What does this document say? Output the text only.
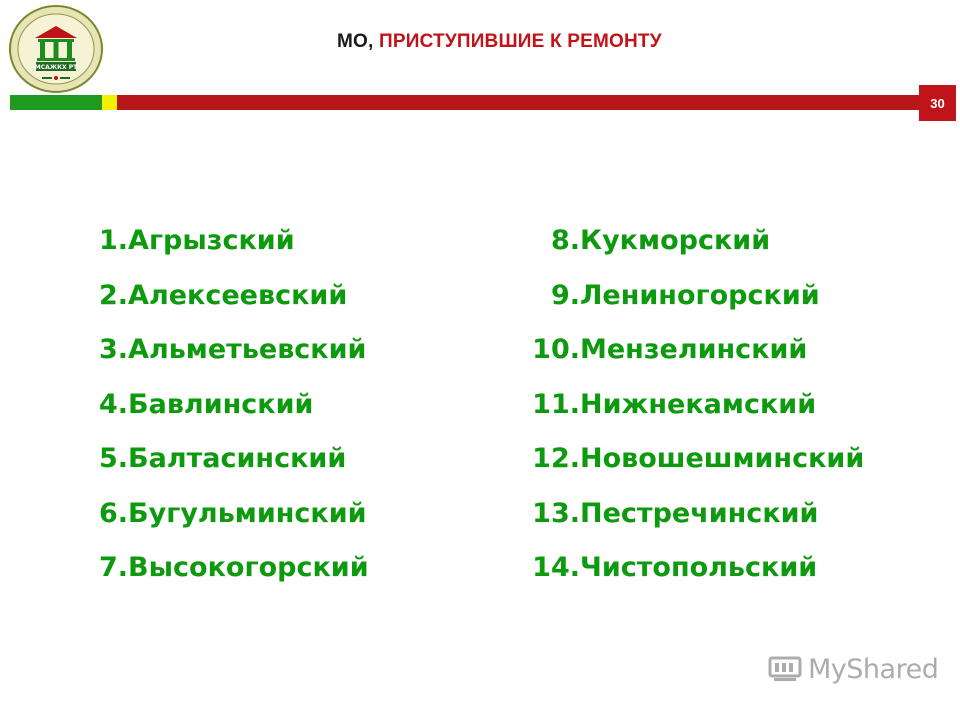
МСАЖКХ РТ
МО, ПРИСТУПИВШИЕ К РЕМОНТУ
30
1.Агрызский
2.Алексеевский
3.Альметьевский
4.Бавлинский
5.Балтасинский
6.Бугульминский
7.Высокогорский
8.Кукморский
9.Лениногорский
10.Мензелинский
11.Нижнекамский
12.Новошешминский
13.Пестречинский
14.Чистопольский
MyShared
